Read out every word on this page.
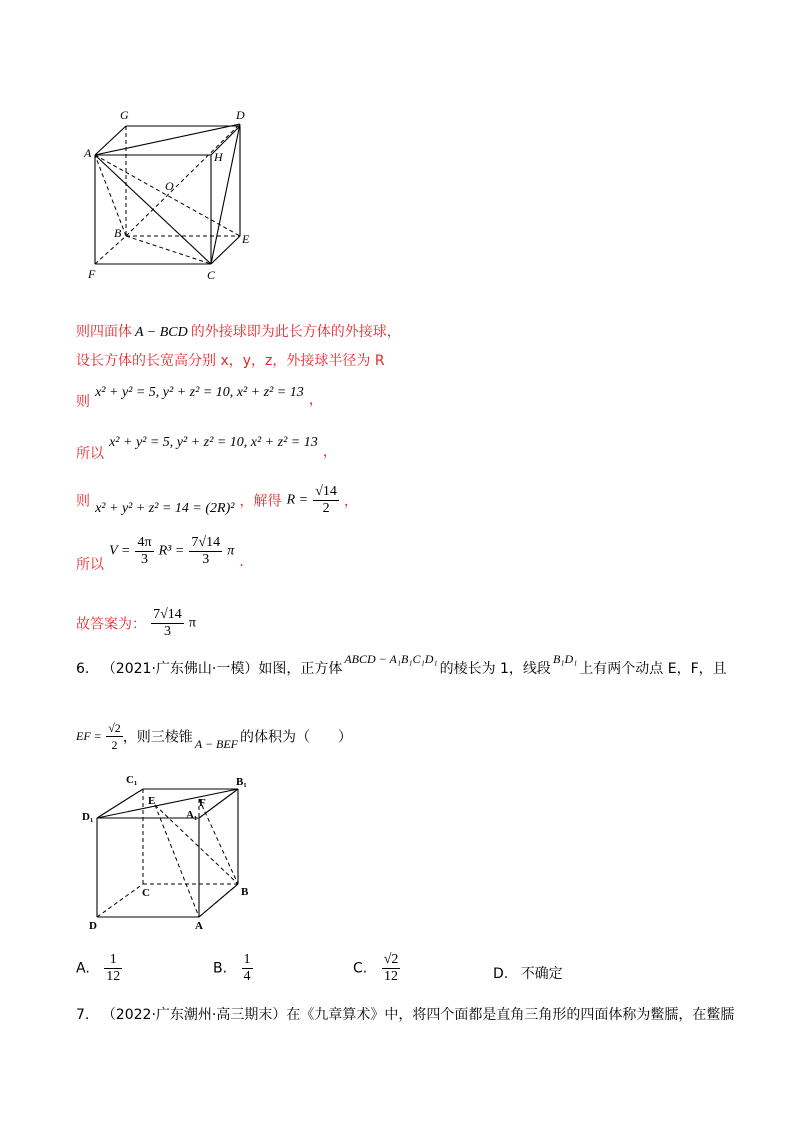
G	D
A	H
O
B	E
F	C
则四面体 A − BCD 的外接球即为此长方体的外接球，
设长方体的长宽高分别 x，y，z，外接球半径为 R
则 x² + y² = 5, y² + z² = 10, x² + z² = 13 ，
所以 x² + y² = 5, y² + z² = 10, x² + z² = 13 ，
则 x² + y² + z² = 14 = (2R)² ，解得 $R = \frac{√14}{2}$ ，
所以 $V = \frac{4\pi}{3} R^3 = \frac{7√14}{3}$ π .
故答案为： $\frac{7√14}{3}$ π
6. （2021·广东佛山·一模）如图，正方体ABCD − A₁B₁C₁D₁的棱长为 1，线段B₁D₁上有两个动点 E，F，且
EF = $\frac{√2}{2}$ ，则三棱锥 A − BEF 的体积为（　　）
C₁	B₁
D₁
E	F
A₁
C	B
D	A
A. $\frac{1}{12}$	B. $\frac{1}{4}$	C. $\frac{√2}{12}$	D. 不确定
7. （2022·广东潮州·高三期末）在《九章算术》中，将四个面都是直角三角形的四面体称为鳖臑，在鳖臑
